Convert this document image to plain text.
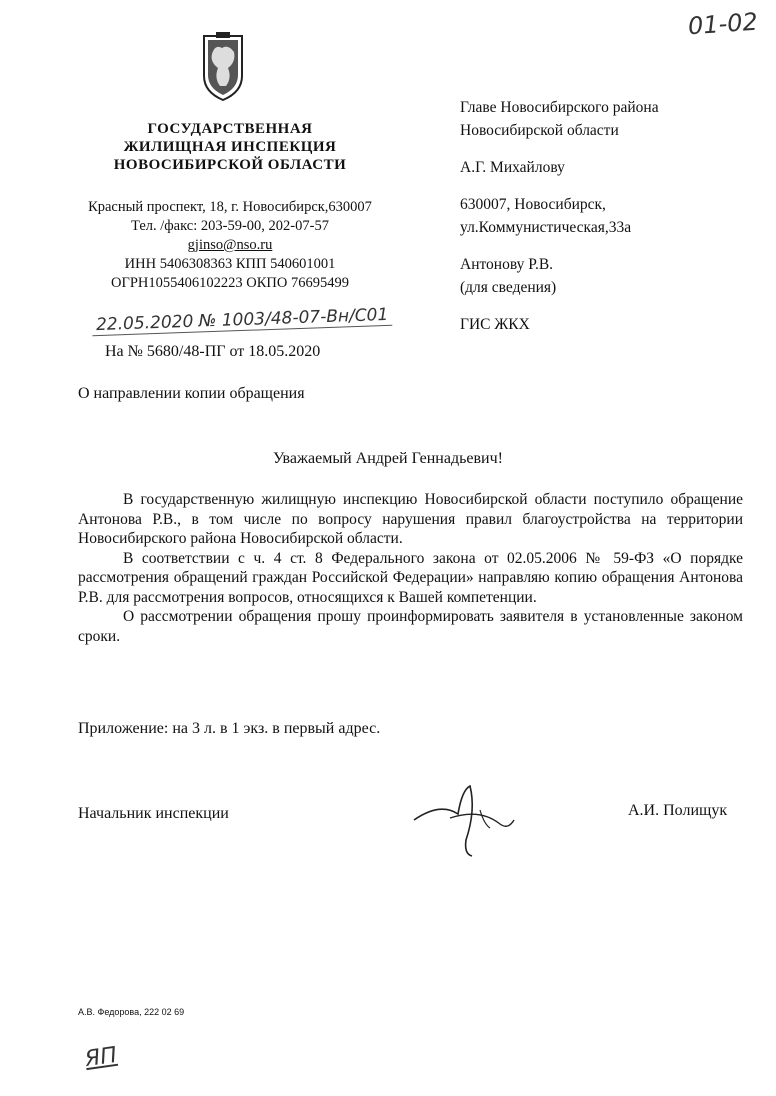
01-02
ГОСУДАРСТВЕННАЯ
ЖИЛИЩНАЯ ИНСПЕКЦИЯ
НОВОСИБИРСКОЙ ОБЛАСТИ
Красный проспект, 18, г. Новосибирск,630007
Тел. /факс: 203-59-00, 202-07-57
gjinso@nso.ru
ИНН 5406308363 КПП 540601001
ОГРН1055406102223 ОКПО 76695499
22.05.2020 № 1003/48-07-Вн/С01
На № 5680/48-ПГ от 18.05.2020
Главе Новосибирского района
Новосибирской области
А.Г. Михайлову
630007, Новосибирск,
ул.Коммунистическая,33а
Антонову Р.В.
(для сведения)
ГИС ЖКХ
О направлении копии обращения
Уважаемый Андрей Геннадьевич!

В государственную жилищную инспекцию Новосибирской области поступило обращение Антонова Р.В., в том числе по вопросу нарушения правил благоустройства на территории Новосибирского района Новосибирской области.

В соответствии с ч. 4 ст. 8 Федерального закона от 02.05.2006 № 59-ФЗ «О порядке рассмотрения обращений граждан Российской Федерации» направляю копию обращения Антонова Р.В. для рассмотрения вопросов, относящихся к Вашей компетенции.

О рассмотрении обращения прошу проинформировать заявителя в установленные законом сроки.

Приложение: на 3 л. в 1 экз. в первый адрес.
Начальник инспекции	А.И. Полищук
А.В. Федорова, 222 02 69
ЯП
